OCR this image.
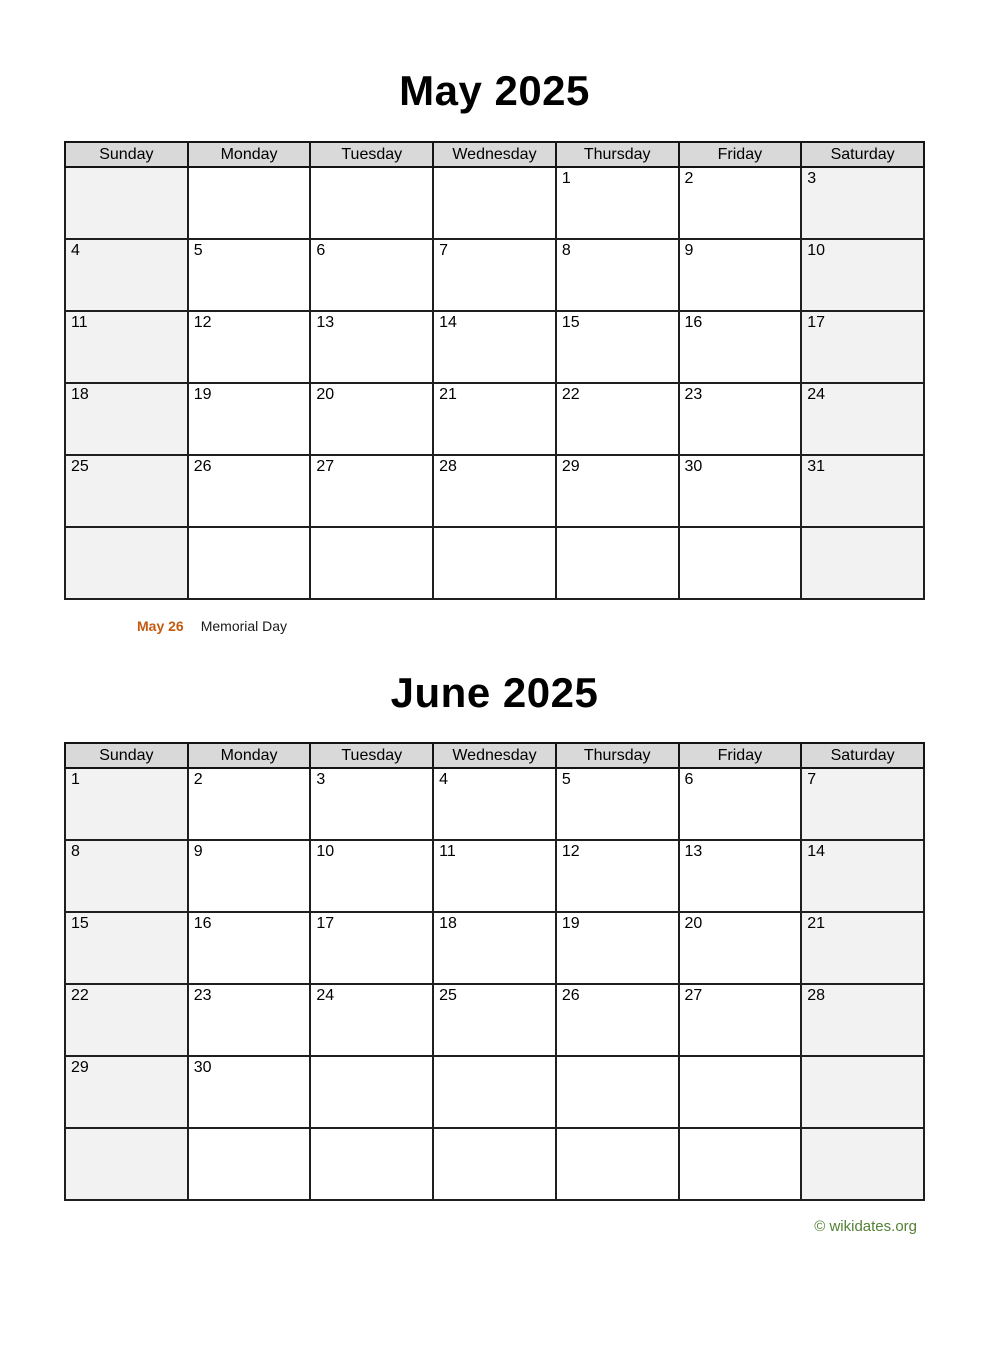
May 2025
Sunday	Monday	Tuesday	Wednesday	Thursday	Friday	Saturday
				1	2	3
4	5	6	7	8	9	10
11	12	13	14	15	16	17
18	19	20	21	22	23	24
25	26	27	28	29	30	31

May 26 Memorial Day
June 2025
Sunday	Monday	Tuesday	Wednesday	Thursday	Friday	Saturday
1	2	3	4	5	6	7
8	9	10	11	12	13	14
15	16	17	18	19	20	21
22	23	24	25	26	27	28
29	30					

© wikidates.org
